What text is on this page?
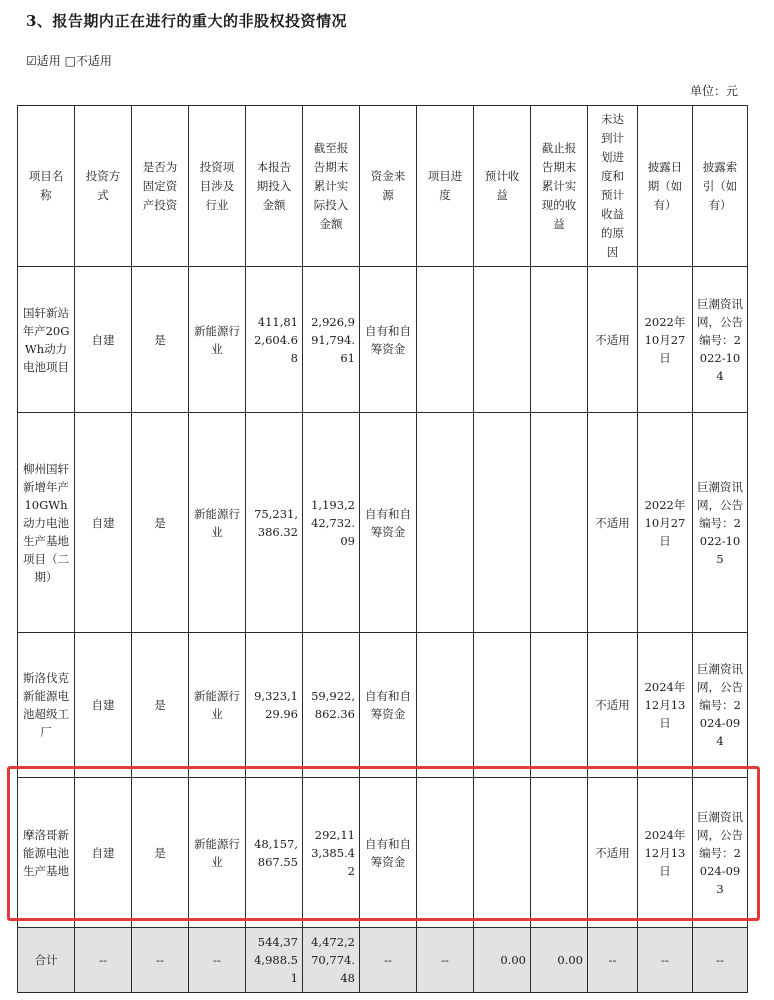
3、报告期内正在进行的重大的非股权投资情况
☑适用 □不适用
单位：元
项目名称	投资方式	是否为固定资产投资	投资项目涉及行业	本报告期投入金额	截至报告期末累计实际投入金额	资金来源	项目进度	预计收益	截止报告期末累计实现的收益	未达到计划进度和预计收益的原因	披露日期（如有）	披露索引（如有）
国轩新站年产20GWh动力电池项目	自建	是	新能源行业	411,812,604.68	2,926,991,794.61	自有和自筹资金				不适用	2022年10月27日	巨潮资讯网，公告编号：2022-104
柳州国轩新增年产10GWh动力电池生产基地项目（二期）	自建	是	新能源行业	75,231,386.32	1,193,242,732.09	自有和自筹资金				不适用	2022年10月27日	巨潮资讯网，公告编号：2022-105
斯洛伐克新能源电池超级工厂	自建	是	新能源行业	9,323,129.96	59,922,862.36	自有和自筹资金				不适用	2024年12月13日	巨潮资讯网，公告编号：2024-094
摩洛哥新能源电池生产基地	自建	是	新能源行业	48,157,867.55	292,113,385.42	自有和自筹资金				不适用	2024年12月13日	巨潮资讯网，公告编号：2024-093
合计	--	--	--	544,374,988.51	4,472,270,774.48	--	--	0.00	0.00	--	--	--
